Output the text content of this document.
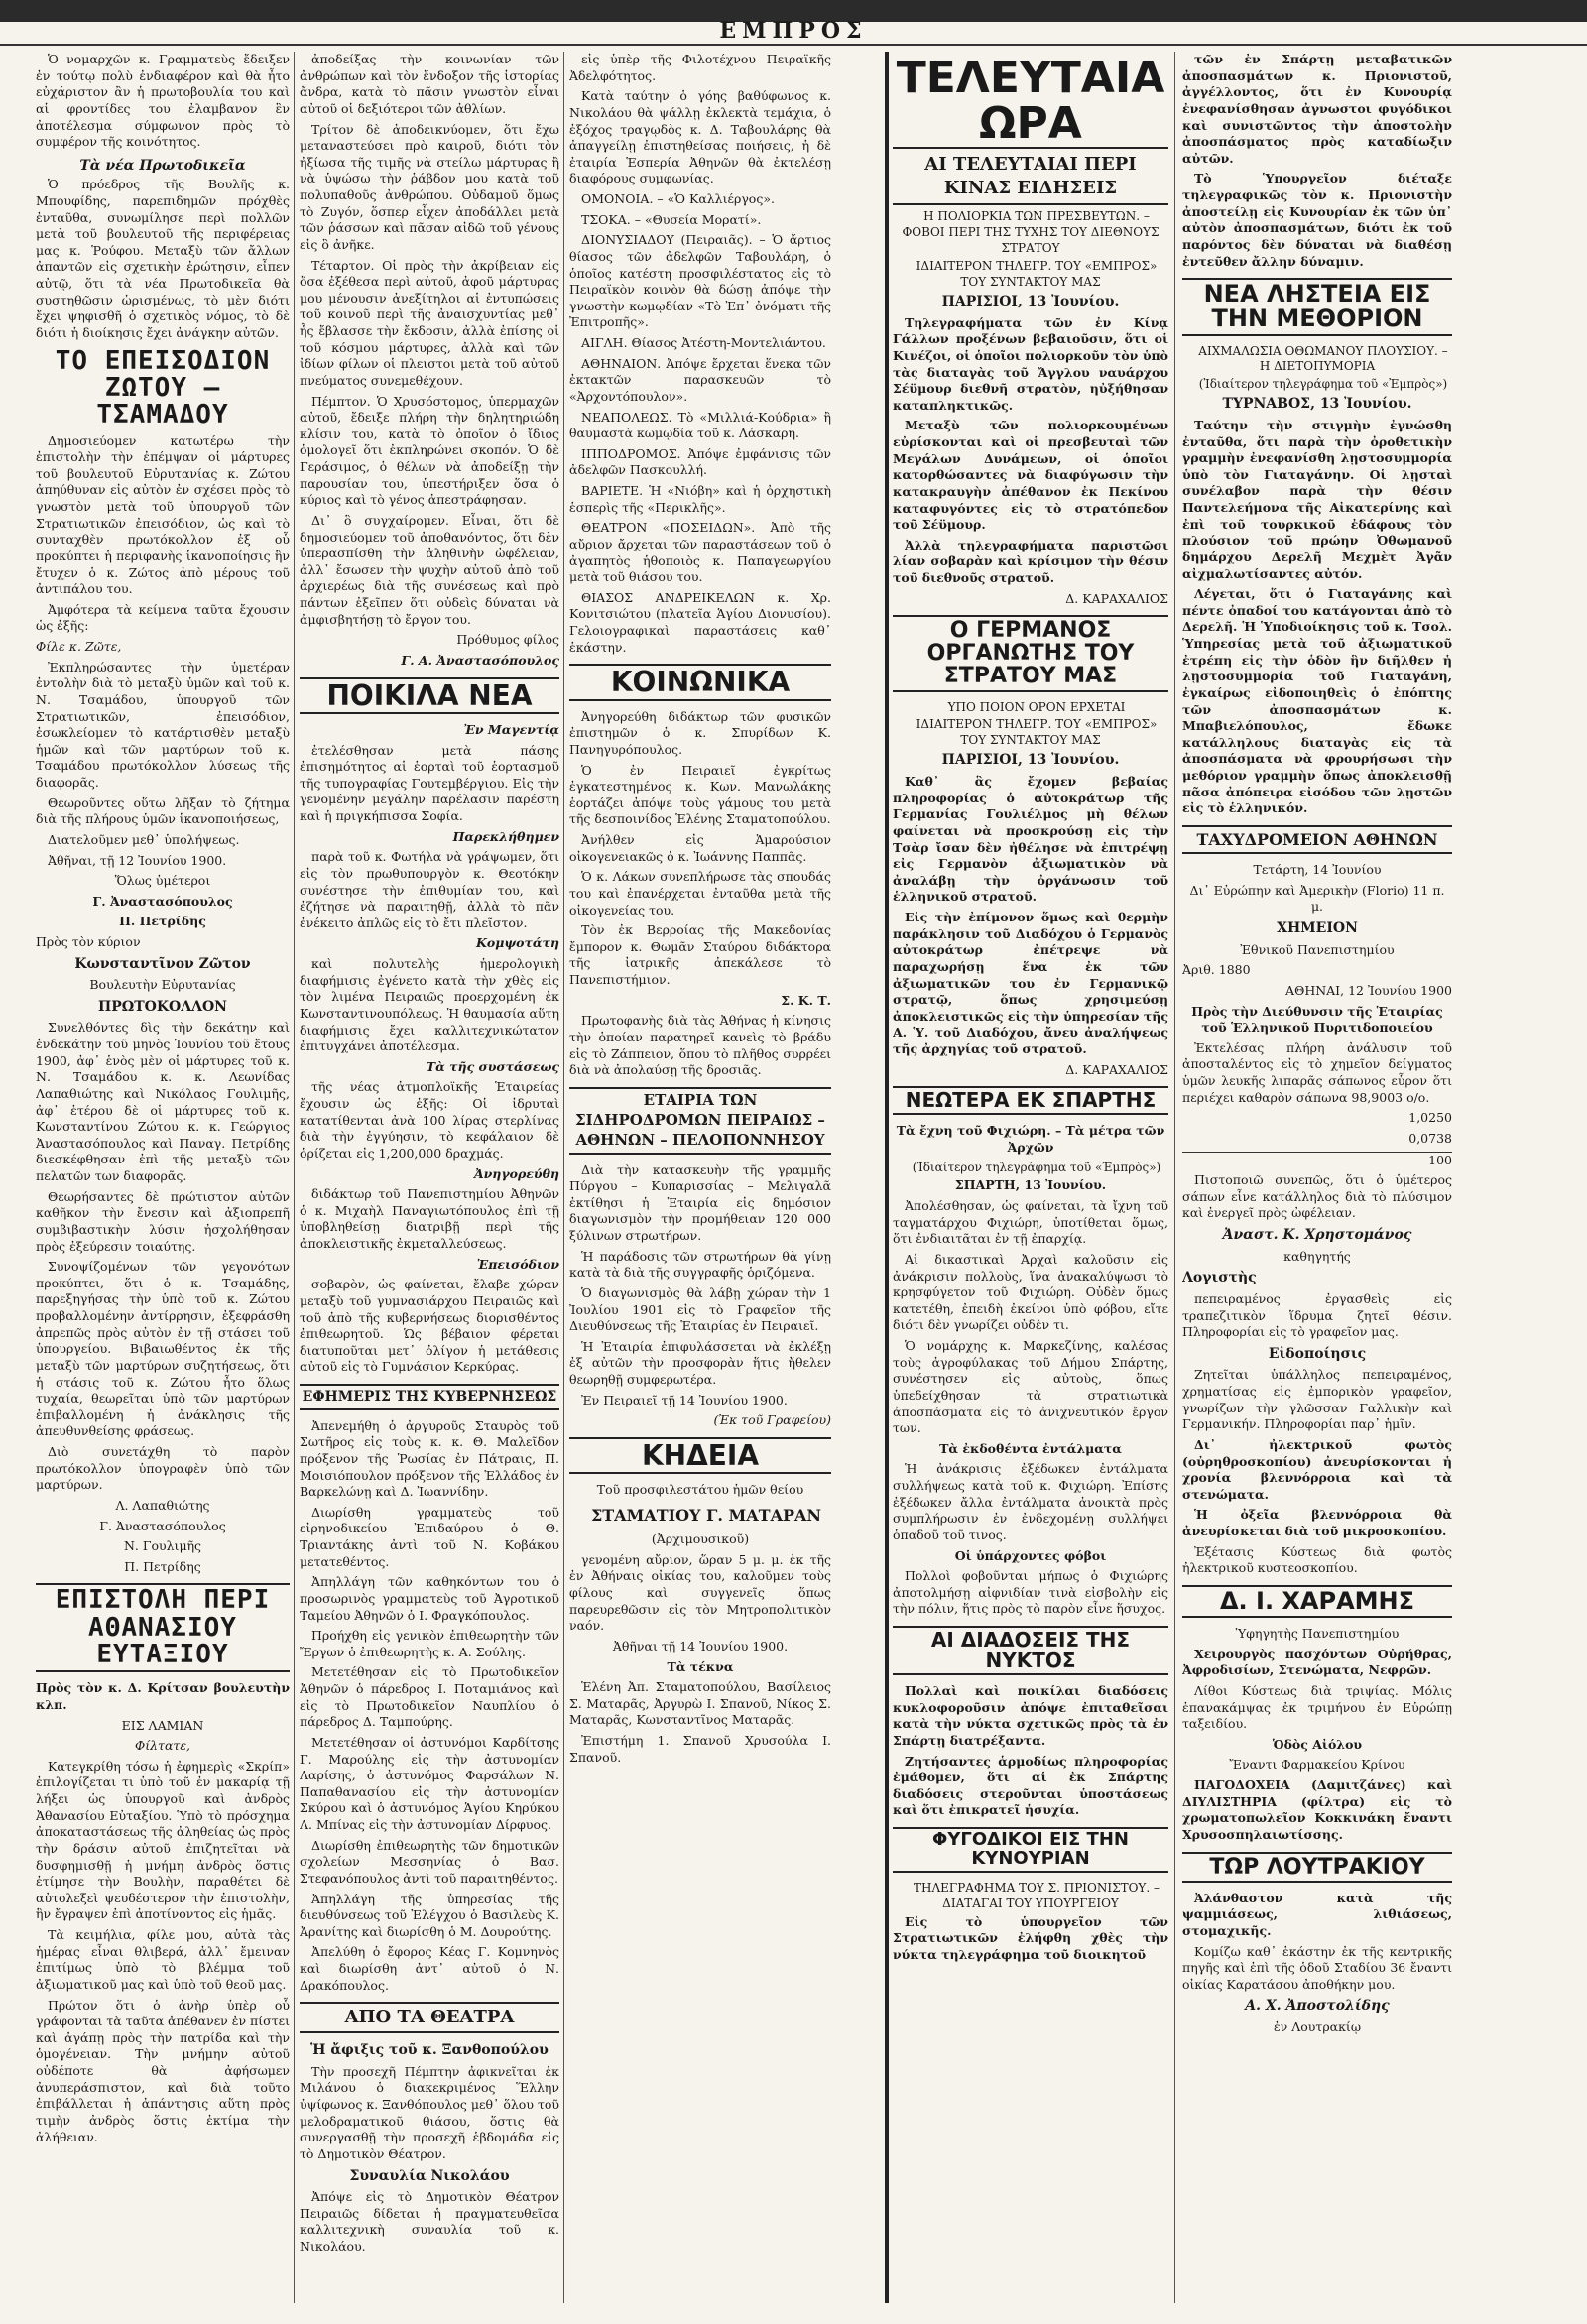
ΕΜΠΡΟΣ

Ὁ νομαρχῶν κ. Γραμματεὺς ἔδειξεν ἐν τούτῳ πολὺ ἐνδιαφέρον καὶ θὰ ἦτο εὐχάριστον ἂν ἡ πρωτοβουλία του καὶ αἱ φροντίδες του ἐλαμβανον ἓν ἀποτέλεσμα σύμφωνον πρὸς τὸ συμφέρον τῆς κοινότητος.

Τὰ νέα Πρωτοδικεῖα

Ὁ πρόεδρος τῆς Βουλῆς κ. Μπουφίδης, παρεπιδημῶν πρόχθὲς ἐνταῦθα, συνωμίλησε περὶ πολλῶν μετὰ τοῦ βουλευτοῦ τῆς περιφέρειας μας κ. Ῥούφου. Μεταξὺ τῶν ἄλλων ἀπαντῶν εἰς σχετικὴν ἐρώτησιν, εἶπεν αὐτῷ, ὅτι τὰ νέα Πρωτοδικεῖα θὰ συστηθῶσιν ὡρισμένως, τὸ μὲν διότι ἔχει ψηφισθῆ ὁ σχετικὸς νόμος, τὸ δὲ διότι ἡ διοίκησις ἔχει ἀνάγκην αὐτῶν.

ΤΟ ΕΠΕΙΣΟΔΙΟΝ ΖΩΤΟΥ – ΤΣΑΜΑΔΟΥ

Δημοσιεύομεν κατωτέρω τὴν ἐπιστολὴν τὴν ἐπέμψαν οἱ μάρτυρες τοῦ βουλευτοῦ Εὐρυτανίας κ. Ζώτου ἀπηύθυναν εἰς αὐτὸν ἐν σχέσει πρὸς τὸ γνωστὸν μετὰ τοῦ ὑπουργοῦ τῶν Στρατιωτικῶν ἐπεισόδιον, ὡς καὶ τὸ συνταχθὲν πρωτόκολλον ἐξ οὗ προκύπτει ἡ περιφανὴς ἱκανοποίησις ἣν ἔτυχεν ὁ κ. Ζώτος ἀπὸ μέρους τοῦ ἀντιπάλου του.

Ἀμφότερα τὰ κείμενα ταῦτα ἔχουσιν ὡς ἑξῆς:

Φίλε κ. Ζῶτε,

Ἐκπληρώσαντες τὴν ὑμετέραν ἐντολὴν διὰ τὸ μεταξὺ ὑμῶν καὶ τοῦ κ. Ν. Τσαμάδου, ὑπουργοῦ τῶν Στρατιωτικῶν, ἐπεισόδιον, ἐσωκλείομεν τὸ κατάρτισθὲν μεταξὺ ἡμῶν καὶ τῶν μαρτύρων τοῦ κ. Τσαμάδου πρωτόκολλον λύσεως τῆς διαφορᾶς.

Θεωροῦντες οὕτω λῆξαν τὸ ζήτημα διὰ τῆς πλήρους ὑμῶν ἱκανοποιήσεως,

Διατελοῦμεν μεθ᾽ ὑπολήψεως.

Ἀθῆναι, τῇ 12 Ἰουνίου 1900.

Ὅλως ὑμέτεροι

Γ. Ἀναστασόπουλος

Π. Πετρίδης

Πρὸς τὸν κύριον

Κωνσταντῖνον Ζῶτον

Βουλευτὴν Εὐρυτανίας

ΠΡΩΤΟΚΟΛΛΟΝ

Συνελθόντες δὶς τὴν δεκάτην καὶ ἑνδεκάτην τοῦ μηνὸς Ἰουνίου τοῦ ἔτους 1900, ἀφ᾽ ἑνὸς μὲν οἱ μάρτυρες τοῦ κ. Ν. Τσαμάδου κ. κ. Λεωνίδας Λαπαθιώτης καὶ Νικόλαος Γουλιμῆς, ἀφ᾽ ἑτέρου δὲ οἱ μάρτυρες τοῦ κ. Κωνσταντίνου Ζώτου κ. κ. Γεώργιος Ἀναστασόπουλος καὶ Παναγ. Πετρίδης διεσκέφθησαν ἐπὶ τῆς μεταξὺ τῶν πελατῶν των διαφορᾶς.

Θεωρήσαντες δὲ πρώτιστον αὐτῶν καθῆκον τὴν ἔνεσιν καὶ ἀξιοπρεπῆ συμβιβαστικὴν λύσιν ἠσχολήθησαν πρὸς ἐξεύρεσιν τοιαύτης.

Συνοψίζομένων τῶν γεγονότων προκύπτει, ὅτι ὁ κ. Τσαμάδης, παρεξηγήσας τὴν ὑπὸ τοῦ κ. Ζώτου προβαλλομένην ἀντίρρησιν, ἐξεφράσθη ἀπρεπῶς πρὸς αὐτὸν ἐν τῇ στάσει τοῦ ὑπουργείου. Βιβαιωθέντος ἐκ τῆς μεταξὺ τῶν μαρτύρων συζητήσεως, ὅτι ἡ στάσις τοῦ κ. Ζώτου ἦτο ὅλως τυχαία, θεωρεῖται ὑπὸ τῶν μαρτύρων ἐπιβαλλομένη ἡ ἀνάκλησις τῆς ἀπευθυνθείσης φράσεως.

Διὸ συνετάχθη τὸ παρὸν πρωτόκολλον ὑπογραφὲν ὑπὸ τῶν μαρτύρων.

Λ. Λαπαθιώτης

Γ. Ἀναστασόπουλος

Ν. Γουλιμῆς

Π. Πετρίδης

ΕΠΙΣΤΟΛΗ ΠΕΡΙ ΑΘΑΝΑΣΙΟΥ ΕΥΤΑΞΙΟΥ

Πρὸς τὸν κ. Δ. Κρίτσαν βουλευτὴν κλπ.

ΕΙΣ ΛΑΜΙΑΝ

Φίλτατε,

Κατεγκρίθη τόσω ἡ ἐφημερὶς «Σκρίπ» ἐπιλογίζεται τι ὑπὸ τοῦ ἐν μακαρίᾳ τῇ λήξει ὡς ὑπουργοῦ καὶ ἀνδρὸς Ἀθανασίου Εὐταξίου. Ὑπὸ τὸ πρόσχημα ἀποκαταστάσεως τῆς ἀληθείας ὡς πρὸς τὴν δράσιν αὐτοῦ ἐπιζητεῖται νὰ δυσφημισθῇ ἡ μνήμη ἀνδρὸς ὅστις ἐτίμησε τὴν Βουλὴν, παραθέτει δὲ αὐτολεξεὶ ψευδέστερον τὴν ἐπιστολὴν, ἣν ἔγραψεν ἐπὶ ἀποτίνοντος εἰς ἡμᾶς.

Τὰ κειμήλια, φίλε μου, αὐτὰ τὰς ἡμέρας εἶναι θλιβερά, ἀλλ᾽ ἔμειναν ἐπιτίμως ὑπὸ τὸ βλέμμα τοῦ ἀξιωματικοῦ μας καὶ ὑπὸ τοῦ θεοῦ μας.

Πρώτον ὅτι ὁ ἀνὴρ ὑπὲρ οὗ γράφονται τὰ ταῦτα ἀπέθανεν ἐν πίστει καὶ ἀγάπῃ πρὸς τὴν πατρίδα καὶ τὴν ὁμογένειαν. Τὴν μνήμην αὐτοῦ οὐδέποτε θὰ ἀφήσωμεν ἀνυπεράσπιστον, καὶ διὰ τοῦτο ἐπιβάλλεται ἡ ἀπάντησις αὕτη πρὸς τιμὴν ἀνδρὸς ὅστις ἐκτίμα τὴν ἀλήθειαν.

ἀποδείξας τὴν κοινωνίαν τῶν ἀνθρώπων καὶ τὸν ἔνδοξον τῆς ἱστορίας ἄνδρα, κατὰ τὸ πᾶσιν γνωστὸν εἶναι αὐτοῦ οἱ δεξιότεροι τῶν ἀθλίων.

Τρίτον δὲ ἀποδεικνύομεν, ὅτι ἔχω μεταναστεύσει πρὸ καιροῦ, διότι τὸν ἠξίωσα τῆς τιμῆς νὰ στείλω μάρτυρας ἢ νὰ ὑψώσω τὴν ῥάβδον μου κατὰ τοῦ πολυπαθοῦς ἀνθρώπου. Οὐδαμοῦ ὅμως τὸ Ζυγόν, ὅσπερ εἶχεν ἀποδάλλει μετὰ τῶν ῥάσσων καὶ πᾶσαν αἰδῶ τοῦ γένους εἰς ὃ ἀνῆκε.

Τέταρτον. Οἱ πρὸς τὴν ἀκρίβειαν εἰς ὅσα ἐξέθεσα περὶ αὐτοῦ, ἀφοῦ μάρτυρας μου μένουσιν ἀνεξίτηλοι αἱ ἐντυπώσεις τοῦ κοινοῦ περὶ τῆς ἀναισχυντίας μεθ᾽ ἧς ἔβλασσε τὴν ἔκδοσιν, ἀλλὰ ἐπίσης οἱ τοῦ κόσμου μάρτυρες, ἀλλὰ καὶ τῶν ἰδίων φίλων οἱ πλειστοι μετὰ τοῦ αὐτοῦ πνεύματος συνεμεθέχουν.

Πέμπτον. Ὁ Χρυσόστομος, ὑπερμαχῶν αὐτοῦ, ἔδειξε πλήρη τὴν δηλητηριώδη κλίσιν του, κατὰ τὸ ὁποῖον ὁ ἴδιος ὁμολογεῖ ὅτι ἐκπληρώνει σκοπόν. Ὁ δὲ Γεράσιμος, ὁ θέλων νὰ ἀποδείξῃ τὴν παρουσίαν του, ὑπεστήριξεν ὅσα ὁ κύριος καὶ τὸ γένος ἀπεστράφησαν.

Δι᾽ ὃ συγχαίρομεν. Εἶναι, ὅτι δὲ δημοσιεύομεν τοῦ ἀποθανόντος, ὅτι δὲν ὑπερασπίσθη τὴν ἀληθινὴν ὠφέλειαν, ἀλλ᾽ ἔσωσεν τὴν ψυχὴν αὐτοῦ ἀπὸ τοῦ ἀρχιερέως διὰ τῆς συνέσεως καὶ πρὸ πάντων ἐξεῖπεν ὅτι οὐδεὶς δύναται νὰ ἀμφισβητήσῃ τὸ ἔργον του.

Πρόθυμος φίλος

Γ. Α. Ἀναστασόπουλος

ΠΟΙΚΙΛΑ ΝΕΑ

Ἐν Μαγεντίᾳ

ἐτελέσθησαν μετὰ πάσης ἐπισημότητος αἱ ἑορταὶ τοῦ ἑορτασμοῦ τῆς τυπογραφίας Γουτεμβέργιου. Εἰς τὴν γενομένην μεγάλην παρέλασιν παρέστη καὶ ἡ πριγκήπισσα Σοφία.

Παρεκλήθημεν

παρὰ τοῦ κ. Φωτήλα νὰ γράψωμεν, ὅτι εἰς τὸν πρωθυπουργὸν κ. Θεοτόκην συνέστησε τὴν ἐπιθυμίαν του, καὶ ἐζήτησε νὰ παραιτηθῇ, ἀλλὰ τὸ πᾶν ἐνέκειτο ἀπλῶς εἰς τὸ ἔτι πλεῖστον.

Κομψοτάτη

καὶ πολυτελὴς ἡμερολογικὴ διαφήμισις ἐγένετο κατὰ τὴν χθὲς εἰς τὸν λιμένα Πειραιῶς προερχομένη ἐκ Κωνσταντινουπόλεως. Ἡ θαυμασία αὕτη διαφήμισις ἔχει καλλιτεχνικώτατον ἐπιτυγχάνει ἀποτέλεσμα.

Τὰ τῆς συστάσεως

τῆς νέας ἀτμοπλοϊκῆς Ἑταιρείας ἔχουσιν ὡς ἑξῆς: Οἱ ἱδρυταὶ κατατίθενται ἀνὰ 100 λίρας στερλίνας διὰ τὴν ἐγγύησιν, τὸ κεφάλαιον δὲ ὁρίζεται εἰς 1,200,000 δραχμάς.

Ἀνηγορεύθη

διδάκτωρ τοῦ Πανεπιστημίου Ἀθηνῶν ὁ κ. Μιχαὴλ Παναγιωτόπουλος ἐπὶ τῇ ὑποβληθείσῃ διατριβῇ περὶ τῆς ἀποκλειστικῆς ἐκμεταλλεύσεως.

Ἐπεισόδιον

σοβαρὸν, ὡς φαίνεται, ἔλαβε χώραν μεταξὺ τοῦ γυμνασιάρχου Πειραιῶς καὶ τοῦ ἀπὸ τῆς κυβερνήσεως διορισθέντος ἐπιθεωρητοῦ. Ὡς βέβαιον φέρεται διατυποῦται μετ᾽ ὀλίγον ἡ μετάθεσις αὐτοῦ εἰς τὸ Γυμνάσιον Κερκύρας.

ΕΦΗΜΕΡΙΣ ΤΗΣ ΚΥΒΕΡΝΗΣΕΩΣ

Ἀπενεμήθη ὁ ἀργυροῦς Σταυρὸς τοῦ Σωτῆρος εἰς τοὺς κ. κ. Θ. Μαλεῖδον πρόξενον τῆς Ῥωσίας ἐν Πάτραις, Π. Μοισιόπουλον πρόξενον τῆς Ἑλλάδος ἐν Βαρκελώνῃ καὶ Δ. Ἰωαννίδην.

Διωρίσθη γραμματεὺς τοῦ εἰρηνοδικείου Ἐπιδαύρου ὁ Θ. Τριαντάκης ἀντὶ τοῦ Ν. Κοβάκου μετατεθέντος.

Ἀπηλλάγη τῶν καθηκόντων του ὁ προσωρινὸς γραμματεὺς τοῦ Ἀγροτικοῦ Ταμείου Ἀθηνῶν ὁ Ι. Φραγκόπουλος.

Προήχθη εἰς γενικὸν ἐπιθεωρητὴν τῶν Ἔργων ὁ ἐπιθεωρητὴς κ. Α. Σούλης.

Μετετέθησαν εἰς τὸ Πρωτοδικεῖον Ἀθηνῶν ὁ πάρεδρος Ι. Ποταμιάνος καὶ εἰς τὸ Πρωτοδικεῖον Ναυπλίου ὁ πάρεδρος Δ. Ταμπούρης.

Μετετέθησαν οἱ ἀστυνόμοι Καρδίτσης Γ. Μαρούλης εἰς τὴν ἀστυνομίαν Λαρίσης, ὁ ἀστυνόμος Φαρσάλων Ν. Παπαθανασίου εἰς τὴν ἀστυνομίαν Σκύρου καὶ ὁ ἀστυνόμος Ἁγίου Κηρύκου Λ. Μπίνας εἰς τὴν ἀστυνομίαν Δίρφυος.

Διωρίσθη ἐπιθεωρητὴς τῶν δημοτικῶν σχολείων Μεσσηνίας ὁ Βασ. Στεφανόπουλος ἀντὶ τοῦ παραιτηθέντος.

Ἀπηλλάγη τῆς ὑπηρεσίας τῆς διευθύνσεως τοῦ Ἐλέγχου ὁ Βασιλεὺς Κ. Ἀρανίτης καὶ διωρίσθη ὁ Μ. Δουρούτης.

Ἀπελύθη ὁ ἔφορος Κέας Γ. Κομνηνὸς καὶ διωρίσθη ἀντ᾽ αὐτοῦ ὁ Ν. Δρακόπουλος.

ΑΠΟ ΤΑ ΘΕΑΤΡΑ

Ἡ ἄφιξις τοῦ κ. Ξανθοπούλου

Τὴν προσεχῆ Πέμπτην ἀφικνεῖται ἐκ Μιλάνου ὁ διακεκριμένος Ἕλλην ὑψίφωνος κ. Ξανθόπουλος μεθ᾽ ὅλου τοῦ μελοδραματικοῦ θιάσου, ὅστις θὰ συνεργασθῇ τὴν προσεχῆ ἑβδομάδα εἰς τὸ Δημοτικὸν Θέατρον.

Συναυλία Νικολάου

Ἀπόψε εἰς τὸ Δημοτικὸν Θέατρον Πειραιῶς δίδεται ἡ πραγματευθεῖσα καλλιτεχνικὴ συναυλία τοῦ κ. Νικολάου.

εἰς ὑπὲρ τῆς Φιλοτέχνου Πειραϊκῆς Ἀδελφότητος.

Κατὰ ταύτην ὁ γόης βαθύφωνος κ. Νικολάου θὰ ψάλλῃ ἐκλεκτὰ τεμάχια, ὁ ἐξόχος τραγῳδὸς κ. Δ. Ταβουλάρης θὰ ἀπαγγείλῃ ἐπιστηθείσας ποιήσεις, ἡ δὲ ἐταιρία Ἑσπερία Ἀθηνῶν θὰ ἐκτελέσῃ διαφόρους συμφωνίας.

ΟΜΟΝΟΙΑ. – «Ὁ Καλλιέργος».

ΤΣΟΚΑ. – «Θυσεία Μορατί».

ΔΙΟΝΥΣΙΑΔΟΥ (Πειραιᾶς). – Ὁ ἄρτιος θίασος τῶν ἀδελφῶν Ταβουλάρη, ὁ ὁποῖος κατέστη προσφιλέστατος εἰς τὸ Πειραϊκὸν κοινὸν θὰ δώσῃ ἀπόψε τὴν γνωστὴν κωμῳδίαν «Τὸ Ἐπ᾽ ὀνόματι τῆς Ἐπιτροπῆς».

ΑΙΓΛΗ. Θίασος Ἀτέστη-Μοντελιάντου.

ΑΘΗΝΑΙΟΝ. Ἀπόψε ἔρχεται ἕνεκα τῶν ἐκτακτῶν παρασκευῶν τὸ «Ἀρχοντόπουλον».

ΝΕΑΠΟΛΕΩΣ. Τὸ «Μιλλιά-Κούδρια» ἢ θαυμαστὰ κωμῳδία τοῦ κ. Λάσκαρη.

ΙΠΠΟΔΡΟΜΟΣ. Ἀπόψε ἐμφάνισις τῶν ἀδελφῶν Πασκουλλή.

ΒΑΡΙΕΤΕ. Ἡ «Νιόβη» καὶ ἡ ὀρχηστικὴ ἑσπερὶς τῆς «Περικλῆς».

ΘΕΑΤΡΟΝ «ΠΟΣΕΙΔΩΝ». Ἀπὸ τῆς αὔριον ἄρχεται τῶν παραστάσεων τοῦ ὁ ἀγαπητὸς ἡθοποιὸς κ. Παπαγεωργίου μετὰ τοῦ θιάσου του.

ΘΙΑΣΟΣ ΑΝΔΡΕΙΚΕΛΩΝ κ. Χρ. Κονιτσιώτου (πλατεῖα Ἁγίου Διονυσίου). Γελοιογραφικαὶ παραστάσεις καθ᾽ ἑκάστην.

ΚΟΙΝΩΝΙΚΑ

Ἀνηγορεύθη διδάκτωρ τῶν φυσικῶν ἐπιστημῶν ὁ κ. Σπυρίδων Κ. Πανηγυρόπουλος.

Ὁ ἐν Πειραιεῖ ἐγκρίτως ἐγκατεστημένος κ. Κων. Μανωλάκης ἑορτάζει ἀπόψε τοὺς γάμους του μετὰ τῆς δεσποινίδος Ἑλένης Σταματοπούλου.

Ἀνήλθεν εἰς Ἁμαρούσιον οἰκογενειακῶς ὁ κ. Ἰωάννης Παππᾶς.

Ὁ κ. Λάκων συνεπλήρωσε τὰς σπουδάς του καὶ ἐπανέρχεται ἐνταῦθα μετὰ τῆς οἰκογενείας του.

Τὸν ἐκ Βερροίας τῆς Μακεδονίας ἔμπορον κ. Θωμᾶν Σταύρου διδάκτορα τῆς ἰατρικῆς ἀπεκάλεσε τὸ Πανεπιστήμιον.

Σ. Κ. Τ.

Πρωτοφανὴς διὰ τὰς Ἀθήνας ἡ κίνησις τὴν ὁποίαν παρατηρεῖ κανεὶς τὸ βράδυ εἰς τὸ Ζάππειον, ὅπου τὸ πλῆθος συρρέει διὰ νὰ ἀπολαύσῃ τῆς δροσιᾶς.

ΕΤΑΙΡΙΑ ΤΩΝ ΣΙΔΗΡΟΔΡΟΜΩΝ ΠΕΙΡΑΙΩΣ – ΑΘΗΝΩΝ – ΠΕΛΟΠΟΝΝΗΣΟΥ

Διὰ τὴν κατασκευὴν τῆς γραμμῆς Πύργου – Κυπαρισσίας – Μελιγαλᾶ ἐκτίθησι ἡ Ἑταιρία εἰς δημόσιον διαγωνισμὸν τὴν προμήθειαν 120 000 ξύλινων στρωτήρων.

Ἡ παράδοσις τῶν στρωτήρων θὰ γίνῃ κατὰ τὰ διὰ τῆς συγγραφῆς ὁριζόμενα.

Ὁ διαγωνισμὸς θὰ λάβῃ χώραν τὴν 1 Ἰουλίου 1901 εἰς τὸ Γραφεῖον τῆς Διευθύνσεως τῆς Ἑταιρίας ἐν Πειραιεῖ.

Ἡ Ἑταιρία ἐπιφυλάσσεται νὰ ἐκλέξῃ ἐξ αὐτῶν τὴν προσφορὰν ἥτις ἤθελεν θεωρηθῇ συμφερωτέρα.

Ἐν Πειραιεῖ τῇ 14 Ἰουνίου 1900.

(Ἐκ τοῦ Γραφείου)

ΚΗΔΕΙΑ

Τοῦ προσφιλεστάτου ἡμῶν θείου

ΣΤΑΜΑΤΙΟΥ Γ. ΜΑΤΑΡΑΝ

(Ἀρχιμουσικοῦ)

γενομένη αὔριον, ὥραν 5 μ. μ. ἐκ τῆς ἐν Ἀθήναις οἰκίας του, καλοῦμεν τοὺς φίλους καὶ συγγενεῖς ὅπως παρευρεθῶσιν εἰς τὸν Μητροπολιτικὸν ναόν.

Ἀθῆναι τῇ 14 Ἰουνίου 1900.

Τὰ τέκνα

Ἑλένη Ἀπ. Σταματοπούλου, Βασίλειος Σ. Ματαρᾶς, Ἀργυρὼ Ι. Σπανοῦ, Νίκος Σ. Ματαρᾶς, Κωνσταντῖνος Ματαρᾶς.

Ἐπιστήμη 1. Σπανοῦ Χρυσούλα Ι. Σπανοῦ.

ΤΕΛΕΥΤΑΙΑ ΩΡΑ
ΑΙ ΤΕΛΕΥΤΑΙΑΙ ΠΕΡΙ ΚΙΝΑΣ ΕΙΔΗΣΕΙΣ

Η ΠΟΛΙΟΡΚΙΑ ΤΩΝ ΠΡΕΣΒΕΥΤΩΝ. – ΦΟΒΟΙ ΠΕΡΙ ΤΗΣ ΤΥΧΗΣ ΤΟΥ ΔΙΕΘΝΟΥΣ ΣΤΡΑΤΟΥ

ΙΔΙΑΙΤΕΡΟΝ ΤΗΛΕΓΡ. ΤΟΥ «ΕΜΠΡΟΣ» ΤΟΥ ΣΥΝΤΑΚΤΟΥ ΜΑΣ

ΠΑΡΙΣΙΟΙ, 13 Ἰουνίου.

Τηλεγραφήματα τῶν ἐν Κίνᾳ Γάλλων προξένων βεβαιοῦσιν, ὅτι οἱ Κινέζοι, οἱ ὁποῖοι πολιορκοῦν τὸν ὑπὸ τὰς διαταγὰς τοῦ Ἄγγλου ναυάρχου Σέϋμουρ διεθνῆ στρατὸν, ηὐξήθησαν καταπληκτικῶς.

Μεταξὺ τῶν πολιορκουμένων εὐρίσκονται καὶ οἱ πρεσβευταὶ τῶν Μεγάλων Δυνάμεων, οἱ ὁποῖοι κατορθώσαντες νὰ διαφύγωσιν τὴν κατακραυγὴν ἀπέθανον ἐκ Πεκίνου καταφυγόντες εἰς τὸ στρατόπεδον τοῦ Σέϋμουρ.

Ἀλλὰ τηλεγραφήματα παριστῶσι λίαν σοβαρὰν καὶ κρίσιμον τὴν θέσιν τοῦ διεθνοῦς στρατοῦ.

Δ. ΚΑΡΑΧΑΛΙΟΣ

Ο ΓΕΡΜΑΝΟΣ ΟΡΓΑΝΩΤΗΣ ΤΟΥ ΣΤΡΑΤΟΥ ΜΑΣ

ΥΠΟ ΠΟΙΟΝ ΟΡΟΝ ΕΡΧΕΤΑΙ

ΙΔΙΑΙΤΕΡΟΝ ΤΗΛΕΓΡ. ΤΟΥ «ΕΜΠΡΟΣ» ΤΟΥ ΣΥΝΤΑΚΤΟΥ ΜΑΣ

ΠΑΡΙΣΙΟΙ, 13 Ἰουνίου.

Καθ᾽ ἃς ἔχομεν βεβαίας πληροφορίας ὁ αὐτοκράτωρ τῆς Γερμανίας Γουλιέλμος μὴ θέλων φαίνεται νὰ προσκρούσῃ εἰς τὴν Τσὰρ ἴσαν δὲν ἠθέλησε νὰ ἐπιτρέψῃ εἰς Γερμανὸν ἀξιωματικὸν νὰ ἀναλάβῃ τὴν ὀργάνωσιν τοῦ ἑλληνικοῦ στρατοῦ.

Εἰς τὴν ἐπίμονον ὅμως καὶ θερμὴν παράκλησιν τοῦ Διαδόχου ὁ Γερμανὸς αὐτοκράτωρ ἐπέτρεψε νὰ παραχωρήσῃ ἕνα ἐκ τῶν ἀξιωματικῶν του ἐν Γερμανικῷ στρατῷ, ὅπως χρησιμεύσῃ ἀποκλειστικῶς εἰς τὴν ὑπηρεσίαν τῆς Α. Ὑ. τοῦ Διαδόχου, ἄνευ ἀναλήψεως τῆς ἀρχηγίας τοῦ στρατοῦ.

Δ. ΚΑΡΑΧΑΛΙΟΣ

ΝΕΩΤΕΡΑ ΕΚ ΣΠΑΡΤΗΣ

Τὰ ἔχνη τοῦ Φιχιώρη. – Τὰ μέτρα τῶν Ἀρχῶν

(Ἰδιαίτερον τηλεγράφημα τοῦ «Ἐμπρὸς»)

ΣΠΑΡΤΗ, 13 Ἰουνίου.

Ἀπολέσθησαν, ὡς φαίνεται, τὰ ἴχνη τοῦ ταγματάρχου Φιχιώρη, ὑποτίθεται ὅμως, ὅτι ἐνδιαιτᾶται ἐν τῇ ἐπαρχίᾳ.

Αἱ δικαστικαὶ Ἀρχαὶ καλοῦσιν εἰς ἀνάκρισιν πολλοὺς, ἵνα ἀνακαλύψωσι τὸ κρησφύγετον τοῦ Φιχιώρη. Οὐδὲν ὅμως κατετέθη, ἐπειδὴ ἐκείνοι ὑπὸ φόβου, εἴτε διότι δὲν γνωρίζει οὐδὲν τι.

Ὁ νομάρχης κ. Μαρκεζίνης, καλέσας τοὺς ἀγροφύλακας τοῦ Δήμου Σπάρτης, συνέστησεν εἰς αὐτοὺς, ὅπως ὑπεδείχθησαν τὰ στρατιωτικὰ ἀποσπάσματα εἰς τὸ ἀνιχνευτικόν ἔργον των.

Τὰ ἐκδοθέντα ἐντάλματα

Ἡ ἀνάκρισις ἐξέδωκεν ἐντάλματα συλλήψεως κατὰ τοῦ κ. Φιχιώρη. Ἐπίσης ἐξέδωκεν ἄλλα ἐντάλματα ἀνοικτὰ πρὸς συμπλήρωσιν ἐν ἐνδεχομένῃ συλλήψει ὁπαδοῦ τοῦ τινος.

Οἱ ὑπάρχοντες φόβοι

Πολλοὶ φοβοῦνται μήπως ὁ Φιχιώρης ἀποτολμήσῃ αἰφνιδίαν τινὰ εἰσβολὴν εἰς τὴν πόλιν, ἥτις πρὸς τὸ παρὸν εἶνε ἥσυχος.

ΑΙ ΔΙΑΔΟΣΕΙΣ ΤΗΣ ΝΥΚΤΟΣ

Πολλαὶ καὶ ποικίλαι διαδόσεις κυκλοφοροῦσιν ἀπόψε ἐπιταθεῖσαι κατὰ τὴν νύκτα σχετικῶς πρὸς τὰ ἐν Σπάρτῃ διατρέξαντα.

Ζητήσαντες ἁρμοδίως πληροφορίας ἐμάθομεν, ὅτι αἱ ἐκ Σπάρτης διαδόσεις στεροῦνται ὑποστάσεως καὶ ὅτι ἐπικρατεῖ ἡσυχία.

ΦΥΓΟΔΙΚΟΙ ΕΙΣ ΤΗΝ ΚΥΝΟΥΡΙΑΝ

ΤΗΛΕΓΡΑΦΗΜΑ ΤΟΥ Σ. ΠΡΙΟΝΙΣΤΟΥ. – ΔΙΑΤΑΓΑΙ ΤΟΥ ΥΠΟΥΡΓΕΙΟΥ

Εἰς τὸ ὑπουργεῖον τῶν Στρατιωτικῶν ἐλήφθη χθὲς τὴν νύκτα τηλεγράφημα τοῦ διοικητοῦ

τῶν ἐν Σπάρτῃ μεταβατικῶν ἀποσπασμάτων κ. Πριονιστοῦ, ἀγγέλλοντος, ὅτι ἐν Κυνουρίᾳ ἐνεφανίσθησαν ἀγνωστοι φυγόδικοι καὶ συνιστῶντος τὴν ἀποστολὴν ἀποσπάσματος πρὸς καταδίωξιν αὐτῶν.

Τὸ Ὑπουργεῖον διέταξε τηλεγραφικῶς τὸν κ. Πριονιστὴν ἀποστείλῃ εἰς Κυνουρίαν ἐκ τῶν ὑπ᾽ αὐτὸν ἀποσπασμάτων, διότι ἐκ τοῦ παρόντος δὲν δύναται νὰ διαθέσῃ ἐντεῦθεν ἄλλην δύναμιν.

ΝΕΑ ΛΗΣΤΕΙΑ ΕΙΣ ΤΗΝ ΜΕΘΟΡΙΟΝ

ΑΙΧΜΑΛΩΣΙΑ ΟΘΩΜΑΝΟΥ ΠΛΟΥΣΙΟΥ. – Η ΔΙΕΤΟΠΥΜΟΡΙΑ

(Ἰδιαίτερον τηλεγράφημα τοῦ «Ἐμπρὸς»)

ΤΥΡΝΑΒΟΣ, 13 Ἰουνίου.

Ταύτην τὴν στιγμὴν ἐγνώσθη ἐνταῦθα, ὅτι παρὰ τὴν ὀροθετικὴν γραμμὴν ἐνεφανίσθη λῃστοσυμμορία ὑπὸ τὸν Γιαταγάνην. Οἱ λῃσταὶ συνέλαβον παρὰ τὴν θέσιν Παντελεήμονα τῆς Αἰκατερίνης καὶ ἐπὶ τοῦ τουρκικοῦ ἐδάφους τὸν πλούσιον τοῦ πρώην Ὀθωμανοῦ δημάρχου Δερελῆ Μεχμὲτ Ἀγᾶν αἰχμαλωτίσαντες αὐτόν.

Λέγεται, ὅτι ὁ Γιαταγάνης καὶ πέντε ὀπαδοί του κατάγονται ἀπὸ τὸ Δερελῆ. Ἡ Ὑποδιοίκησις τοῦ κ. Τσολ. Ὑπηρεσίας μετὰ τοῦ ἀξιωματικοῦ ἐτρέπη εἰς τὴν ὁδὸν ἣν διῆλθεν ἡ λῃστοσυμμορία τοῦ Γιαταγάνη, ἐγκαίρως εἰδοποιηθεὶς ὁ ἐπόπτης τῶν ἀποσπασμάτων κ. Μπαβιελόπουλος, ἔδωκε κατάλληλους διαταγὰς εἰς τὰ ἀποσπάσματα νὰ φρουρήσωσι τὴν μεθόριον γραμμὴν ὅπως ἀποκλεισθῇ πᾶσα ἀπόπειρα εἰσόδου τῶν λῃστῶν εἰς τὸ ἑλληνικόν.

ΤΑΧΥΔΡΟΜΕΙΟΝ ΑΘΗΝΩΝ

Τετάρτη, 14 Ἰουνίου

Δι᾽ Εὐρώπην καὶ Ἀμερικὴν (Florio) 11 π. μ.

ΧΗΜΕΙΟΝ

Ἐθνικοῦ Πανεπιστημίου

Ἀριθ. 1880

ΑΘΗΝΑΙ, 12 Ἰουνίου 1900

Πρὸς τὴν Διεύθυνσιν τῆς Ἑταιρίας τοῦ Ἑλληνικοῦ Πυριτιδοποιείου

Ἐκτελέσας πλήρη ἀνάλυσιν τοῦ ἀποσταλέντος εἰς τὸ χημεῖον δείγματος ὑμῶν λευκῆς λιπαρᾶς σάπωνος εὗρον ὅτι περιέχει καθαρὸν σάπωνα 98,9003 ο/ο.

1,0250

0,0738

100

Πιστοποιῶ συνεπῶς, ὅτι ὁ ὑμέτερος σάπων εἶνε κατάλληλος διὰ τὸ πλύσιμον καὶ ἐνεργεῖ πρὸς ὠφέλειαν.

Ἀναστ. Κ. Χρηστομάνος

καθηγητής

Λογιστὴς

πεπειραμένος ἐργασθεὶς εἰς τραπεζιτικὸν ἵδρυμα ζητεῖ θέσιν. Πληροφορίαι εἰς τὸ γραφεῖον μας.

Εἰδοποίησις

Ζητεῖται ὑπάλληλος πεπειραμένος, χρηματίσας εἰς ἐμπορικὸν γραφεῖον, γνωρίζων τὴν γλῶσσαν Γαλλικὴν καὶ Γερμανικήν. Πληροφορίαι παρ᾽ ἡμῖν.

Δι᾽ ἠλεκτρικοῦ φωτὸς (οὐρηθροσκοπίου) ἀνευρίσκονται ἡ χρονία βλεννόρροια καὶ τὰ στενώματα.

Ἡ ὀξεῖα βλεννόρροια θὰ ἀνευρίσκεται διὰ τοῦ μικροσκοπίου.

Ἐξέτασις Κύστεως διὰ φωτὸς ἠλεκτρικοῦ κυστεοσκοπίου.

Δ. Ι. ΧΑΡΑΜΗΣ

Ὑφηγητὴς Πανεπιστημίου

Χειρουργὸς πασχόντων Οὐρήθρας, Ἀφροδισίων, Στενώματα, Νεφρῶν.

Λίθοι Κύστεως διὰ τριψίας. Μόλις ἐπανακάμψας ἐκ τριμήνου ἐν Εὐρώπῃ ταξειδίου.

Ὁδὸς Αἰόλου

Ἔναντι Φαρμακείου Κρίνου

ΠΑΓΟΔΟΧΕΙΑ (Δαμιτζάνες) καὶ ΔΙΥΛΙΣΤΗΡΙΑ (φίλτρα) εἰς τὸ χρωματοπωλεῖον Κοκκινάκη ἔναντι Χρυσοσπηλαιωτίσσης.

ΤΩΡ ΛΟΥΤΡΑΚΙΟΥ

Ἀλάνθαστον κατὰ τῆς ψαμμιάσεως, λιθιάσεως, στομαχικῆς.

Κομίζω καθ᾽ ἑκάστην ἐκ τῆς κεντρικῆς πηγῆς καὶ ἐπὶ τῆς ὁδοῦ Σταδίου 36 ἔναντι οἰκίας Καρατάσου ἀποθήκην μου.

Α. Χ. Ἀποστολίδης

ἐν Λουτρακίῳ
